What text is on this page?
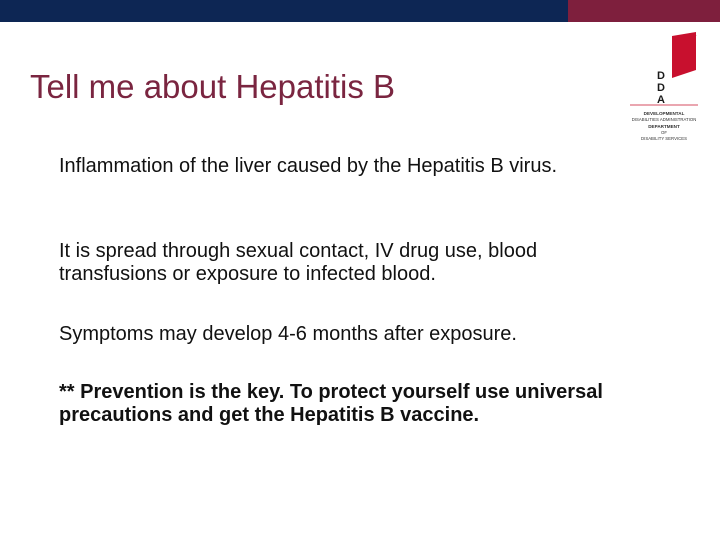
Tell me about Hepatitis B
★ ★ ★
D
D
A
DEVELOPMENTAL
DISABILITIES ADMINISTRATION
DEPARTMENT
OF
DISABILITY SERVICES
Inflammation of the liver caused by the Hepatitis B virus.
It is spread through sexual contact, IV drug use, blood transfusions or exposure to infected blood.
Symptoms may develop 4-6 months after exposure.
** Prevention is the key. To protect yourself use universal precautions and get the Hepatitis B vaccine.
